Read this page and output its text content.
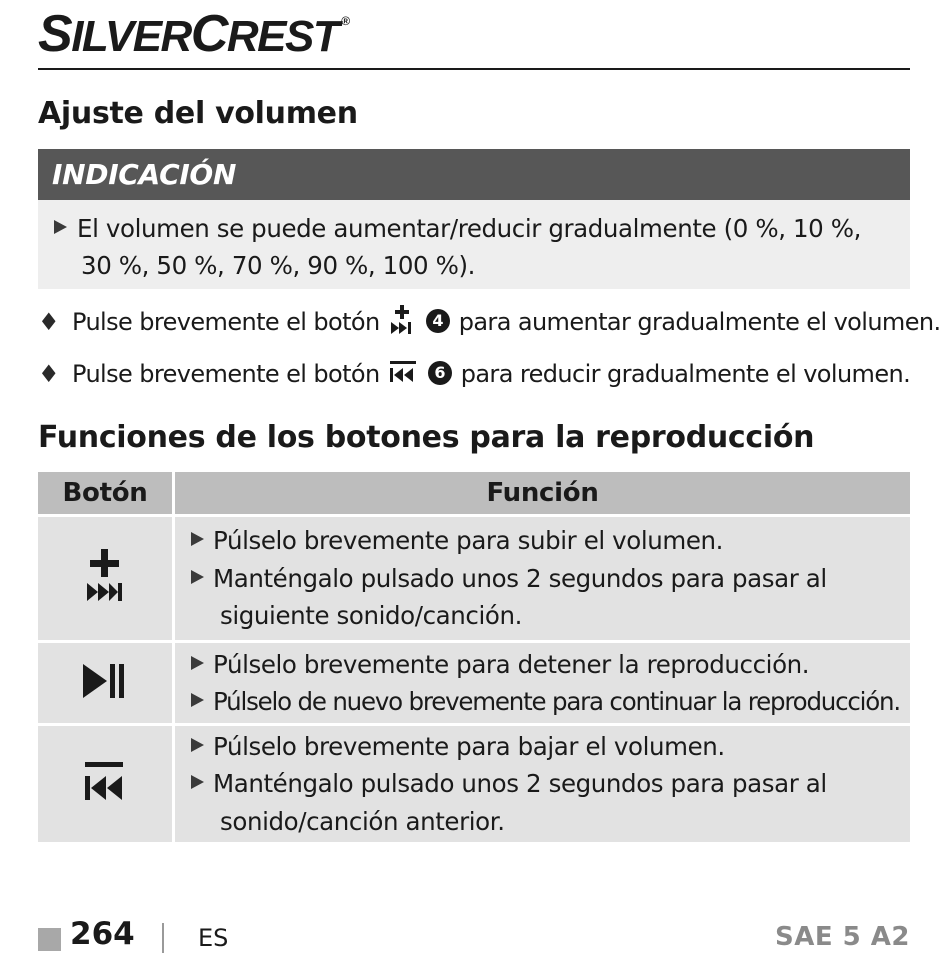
SILVERCREST ®
Ajuste del volumen
INDICACIÓN
El volumen se puede aumentar/reducir gradualmente (0 %, 10 %,
30 %, 50 %, 70 %, 90 %, 100 %).
♦ Pulse brevemente el botón	4 para aumentar gradualmente el volumen.
♦ Pulse brevemente el botón	6 para reducir gradualmente el volumen.
Funciones de los botones para la reproducción
Botón	Función

Púlselo brevemente para subir el volumen.
Manténgalo pulsado unos 2 segundos para pasar al
siguiente sonido/canción.

Púlselo brevemente para detener la reproducción.
Púlselo de nuevo brevemente para continuar la reproducción.

Púlselo brevemente para bajar el volumen.
Manténgalo pulsado unos 2 segundos para pasar al
sonido/canción anterior.
264	ES	SAE 5 A2
